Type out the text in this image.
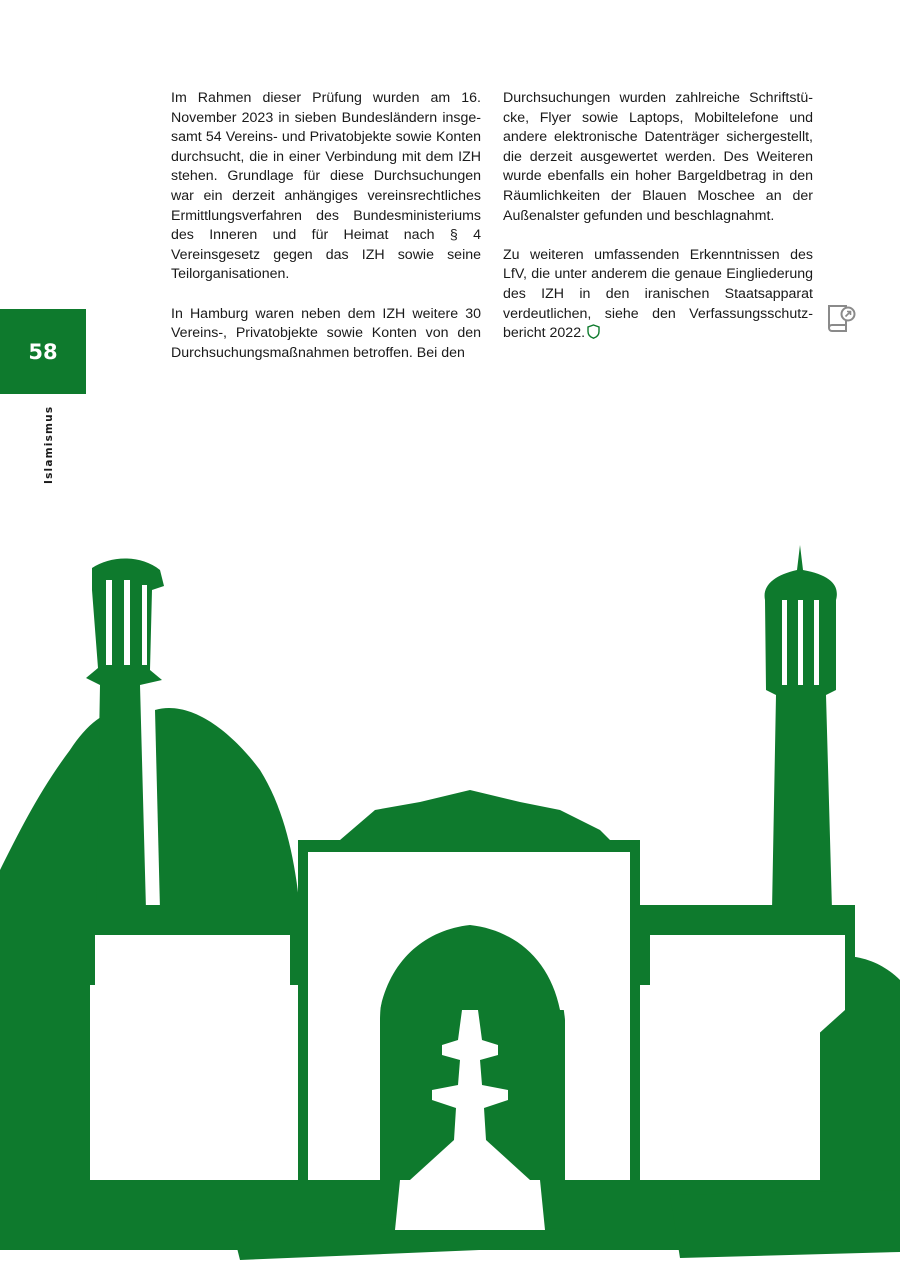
58
Islamismus

Im Rahmen dieser Prüfung wurden am 16. November 2023 in sieben Bundesländern insgesamt 54 Vereins- und Privatobjekte sowie Konten durchsucht, die in einer Verbindung mit dem IZH stehen. Grundlage für diese Durchsuchungen war ein derzeit anhängiges vereinsrechtliches Ermittlungsverfahren des Bundesministeriums des Inneren und für Heimat nach § 4 Vereinsgesetz gegen das IZH sowie seine Teilorganisationen.

In Hamburg waren neben dem IZH weitere 30 Vereins-, Privatobjekte sowie Konten von den Durchsuchungsmaßnahmen betroffen. Bei den

Durchsuchungen wurden zahlreiche Schriftstücke, Flyer sowie Laptops, Mobiltelefone und andere elektronische Datenträger sichergestellt, die derzeit ausgewertet werden. Des Weiteren wurde ebenfalls ein hoher Bargeldbetrag in den Räumlichkeiten der Blauen Moschee an der Außenalster gefunden und beschlagnahmt.

Zu weiteren umfassenden Erkenntnissen des LfV, die unter anderem die genaue Eingliederung des IZH in den iranischen Staatsapparat verdeutlichen, siehe den Verfassungsschutzbericht 2022.
